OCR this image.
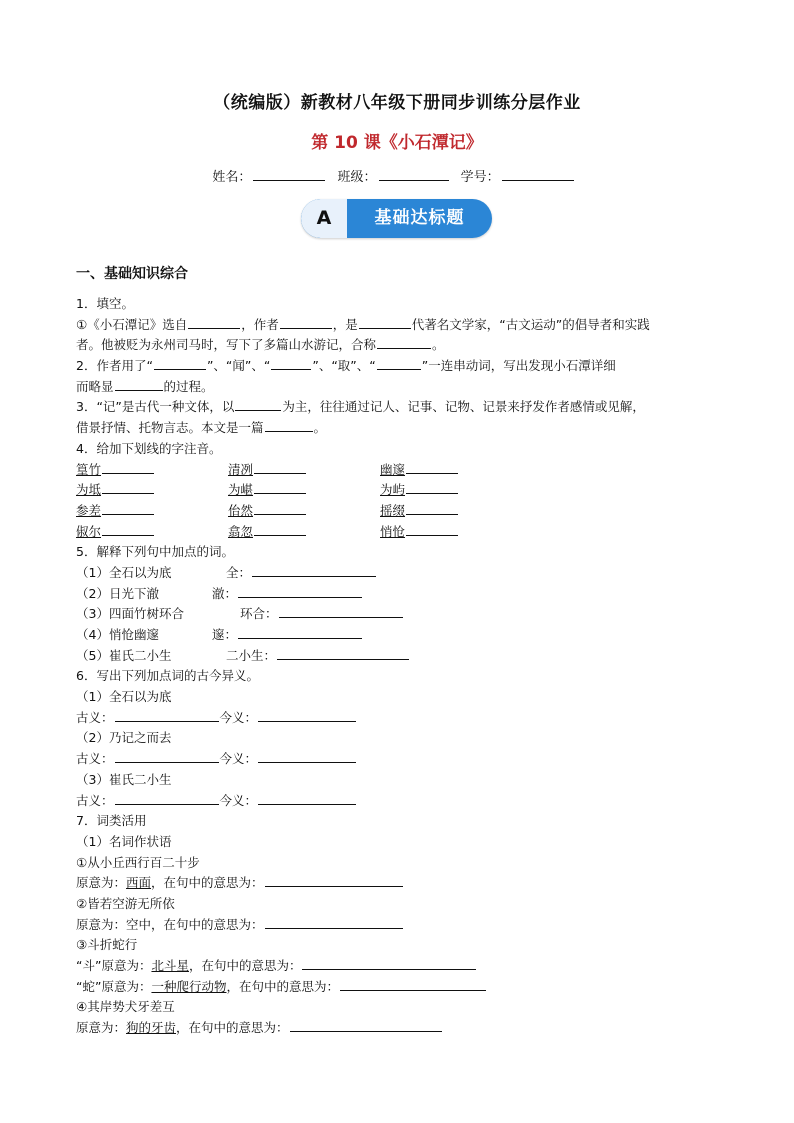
（统编版）新教材八年级下册同步训练分层作业
第 10 课《小石潭记》
姓名：	班级：	学号：
A	基础达标题
一、基础知识综合
1．填空。
①《小石潭记》选自	，作者	，是	代著名文学家，“古文运动”的倡导者和实践
者。他被贬为永州司马时，写下了多篇山水游记，合称	。
2．作者用了“	”、“闻”、“	”、“取”、“	”一连串动词，写出发现小石潭详细
而略显	的过程。
3．“记”是古代一种文体，以	为主，往往通过记人、记事、记物、记景来抒发作者感情或见解，
借景抒情、托物言志。本文是一篇	。
4．给加下划线的字注音。
篁竹	清冽	幽邃
为坻	为嵁	为屿
参差	佁然	摇缀
俶尔	翕忽	悄怆
5．解释下列句中加点的词。
（1）全石以为底	全：
（2）日光下澈	澈：
（3）四面竹树环合	环合：
（4）悄怆幽邃	邃：
（5）崔氏二小生	二小生：
6．写出下列加点词的古今异义。
（1）全石以为底
古义：	今义：
（2）乃记之而去
古义：	今义：
（3）崔氏二小生
古义：	今义：
7．词类活用
（1）名词作状语
①从小丘西行百二十步
原意为：西面，在句中的意思为：
②皆若空游无所依
原意为：空中，在句中的意思为：
③斗折蛇行
“斗”原意为：北斗星，在句中的意思为：
“蛇”原意为：一种爬行动物，在句中的意思为：
④其岸势犬牙差互
原意为：狗的牙齿，在句中的意思为：
